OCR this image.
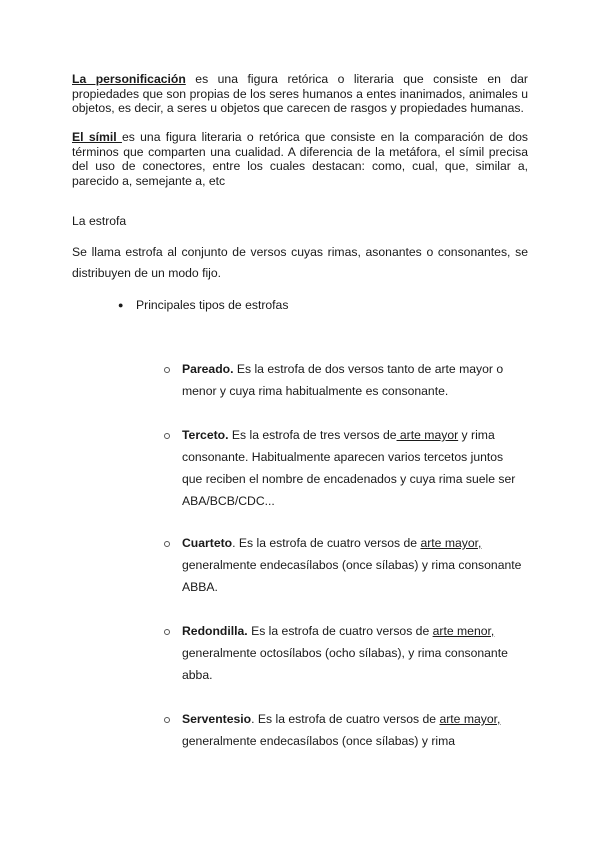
La personificación es una figura retórica o literaria que consiste en dar propiedades que son propias de los seres humanos a entes inanimados, animales u objetos, es decir, a seres u objetos que carecen de rasgos y propiedades humanas.

El símil es una figura literaria o retórica que consiste en la comparación de dos términos que comparten una cualidad. A diferencia de la metáfora, el símil precisa del uso de conectores, entre los cuales destacan: como, cual, que, similar a, parecido a, semejante a, etc

La estrofa

Se llama estrofa al conjunto de versos cuyas rimas, asonantes o consonantes, se distribuyen de un modo fijo.

● Principales tipos de estrofas
Pareado. Es la estrofa de dos versos tanto de arte mayor o menor y cuya rima habitualmente es consonante.
Terceto. Es la estrofa de tres versos de arte mayor y rima consonante. Habitualmente aparecen varios tercetos juntos que reciben el nombre de encadenados y cuya rima suele ser ABA/BCB/CDC...
Cuarteto. Es la estrofa de cuatro versos de arte mayor, generalmente endecasílabos (once sílabas) y rima consonante ABBA.
Redondilla. Es la estrofa de cuatro versos de arte menor, generalmente octosílabos (ocho sílabas), y rima consonante abba.
Serventesio. Es la estrofa de cuatro versos de arte mayor, generalmente endecasílabos (once sílabas) y rima
